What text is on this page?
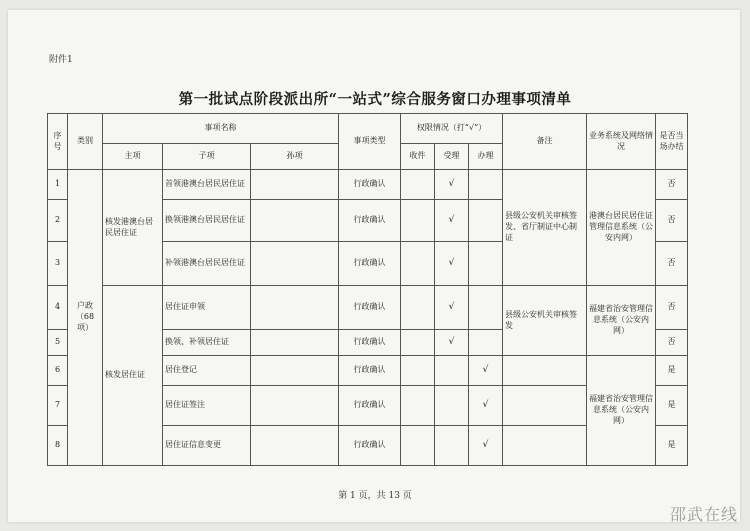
附件1
第一批试点阶段派出所“一站式”综合服务窗口办理事项清单
序号	类别	事项名称			事项类型	权限情况（打“√”）			备注	业务系统及网络情况	是否当场办结
		主项	子项	孙项		收件	受理	办理			
1	户政（68项）	核发港澳台居民居住证	首领港澳台居民居住证		行政确认		√		县级公安机关审核签发、省厅制证中心制证	港澳台居民居住证管理信息系统（公安内网）	否
2			换领港澳台居民居住证		行政确认		√				否
3			补领港澳台居民居住证		行政确认		√				否
4		核发居住证	居住证申领		行政确认		√		县级公安机关审核签发	福建省治安管理信息系统（公安内网）	否
5			换领、补领居住证		行政确认		√				否
6			居住登记		行政确认			√		福建省治安管理信息系统（公安内网）	是
7			居住证签注		行政确认			√			是
8			居住证信息变更		行政确认			√			是
第 1 页，共 13 页
邵武在线
